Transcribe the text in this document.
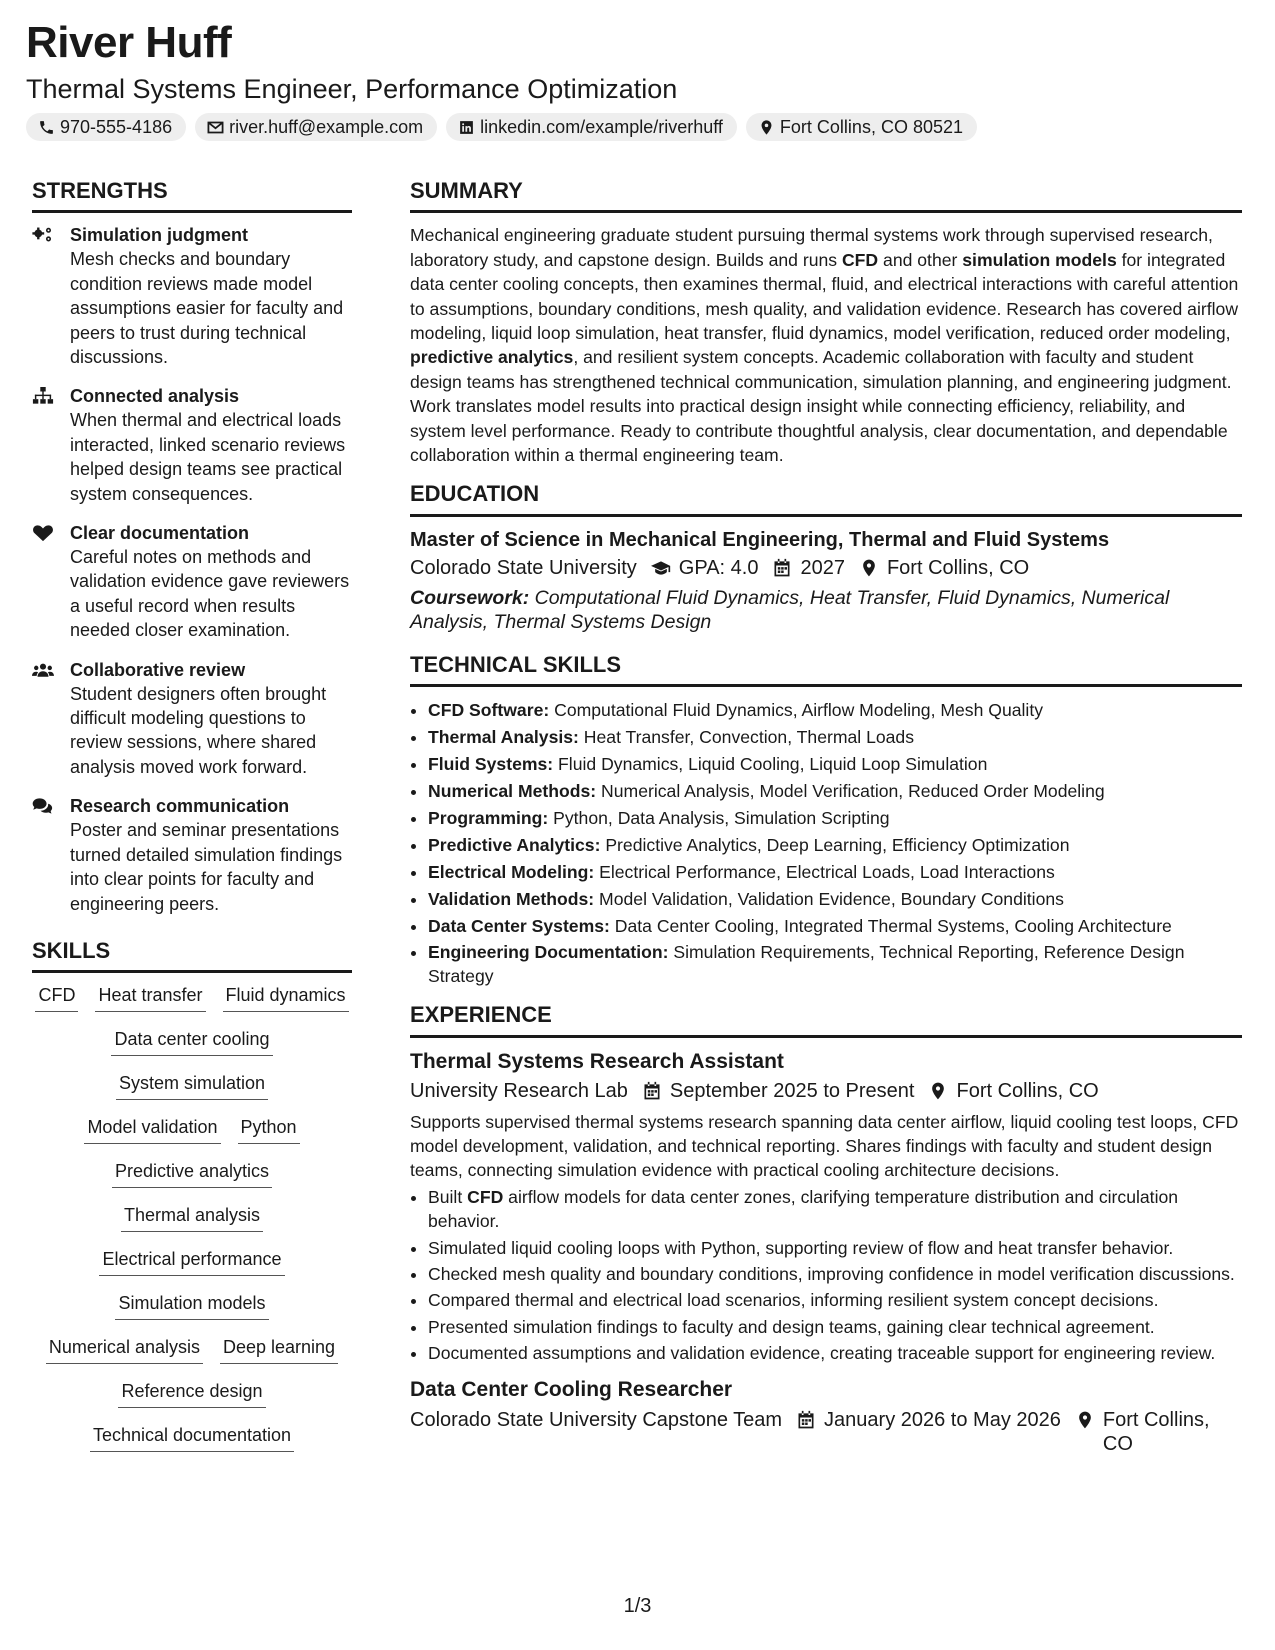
River Huff
Thermal Systems Engineer, Performance Optimization
970-555-4186	river.huff@example.com	linkedin.com/example/riverhuff	Fort Collins, CO 80521
STRENGTHS
Simulation judgment
Mesh checks and boundary condition reviews made model assumptions easier for faculty and peers to trust during technical discussions.
Connected analysis
When thermal and electrical loads interacted, linked scenario reviews helped design teams see practical system consequences.
Clear documentation
Careful notes on methods and validation evidence gave reviewers a useful record when results needed closer examination.
Collaborative review
Student designers often brought difficult modeling questions to review sessions, where shared analysis moved work forward.
Research communication
Poster and seminar presentations turned detailed simulation findings into clear points for faculty and engineering peers.
SKILLS
CFD Heat transfer Fluid dynamics
Data center cooling
System simulation
Model validation Python
Predictive analytics
Thermal analysis
Electrical performance
Simulation models
Numerical analysis Deep learning
Reference design
Technical documentation
SUMMARY

Mechanical engineering graduate student pursuing thermal systems work through supervised research, laboratory study, and capstone design. Builds and runs CFD and other simulation models for integrated data center cooling concepts, then examines thermal, fluid, and electrical interactions with careful attention to assumptions, boundary conditions, mesh quality, and validation evidence. Research has covered airflow modeling, liquid loop simulation, heat transfer, fluid dynamics, model verification, reduced order modeling, predictive analytics, and resilient system concepts. Academic collaboration with faculty and student design teams has strengthened technical communication, simulation planning, and engineering judgment. Work translates model results into practical design insight while connecting efficiency, reliability, and system level performance. Ready to contribute thoughtful analysis, clear documentation, and dependable collaboration within a thermal engineering team.

EDUCATION
Master of Science in Mechanical Engineering, Thermal and Fluid Systems
Colorado State University GPA: 4.0 2027 Fort Collins, CO
Coursework: Computational Fluid Dynamics, Heat Transfer, Fluid Dynamics, Numerical Analysis, Thermal Systems Design
TECHNICAL SKILLS
• CFD Software: Computational Fluid Dynamics, Airflow Modeling, Mesh Quality
• Thermal Analysis: Heat Transfer, Convection, Thermal Loads
• Fluid Systems: Fluid Dynamics, Liquid Cooling, Liquid Loop Simulation
• Numerical Methods: Numerical Analysis, Model Verification, Reduced Order Modeling
• Programming: Python, Data Analysis, Simulation Scripting
• Predictive Analytics: Predictive Analytics, Deep Learning, Efficiency Optimization
• Electrical Modeling: Electrical Performance, Electrical Loads, Load Interactions
• Validation Methods: Model Validation, Validation Evidence, Boundary Conditions
• Data Center Systems: Data Center Cooling, Integrated Thermal Systems, Cooling Architecture
• Engineering Documentation: Simulation Requirements, Technical Reporting, Reference Design Strategy
EXPERIENCE
Thermal Systems Research Assistant
University Research Lab September 2025 to Present Fort Collins, CO
Supports supervised thermal systems research spanning data center airflow, liquid cooling test loops, CFD model development, validation, and technical reporting. Shares findings with faculty and student design teams, connecting simulation evidence with practical cooling architecture decisions.
• Built CFD airflow models for data center zones, clarifying temperature distribution and circulation behavior.
• Simulated liquid cooling loops with Python, supporting review of flow and heat transfer behavior.
• Checked mesh quality and boundary conditions, improving confidence in model verification discussions.
• Compared thermal and electrical load scenarios, informing resilient system concept decisions.
• Presented simulation findings to faculty and design teams, gaining clear technical agreement.
• Documented assumptions and validation evidence, creating traceable support for engineering review.
Data Center Cooling Researcher
Colorado State University Capstone Team January 2026 to May 2026 Fort Collins, CO
1/3
